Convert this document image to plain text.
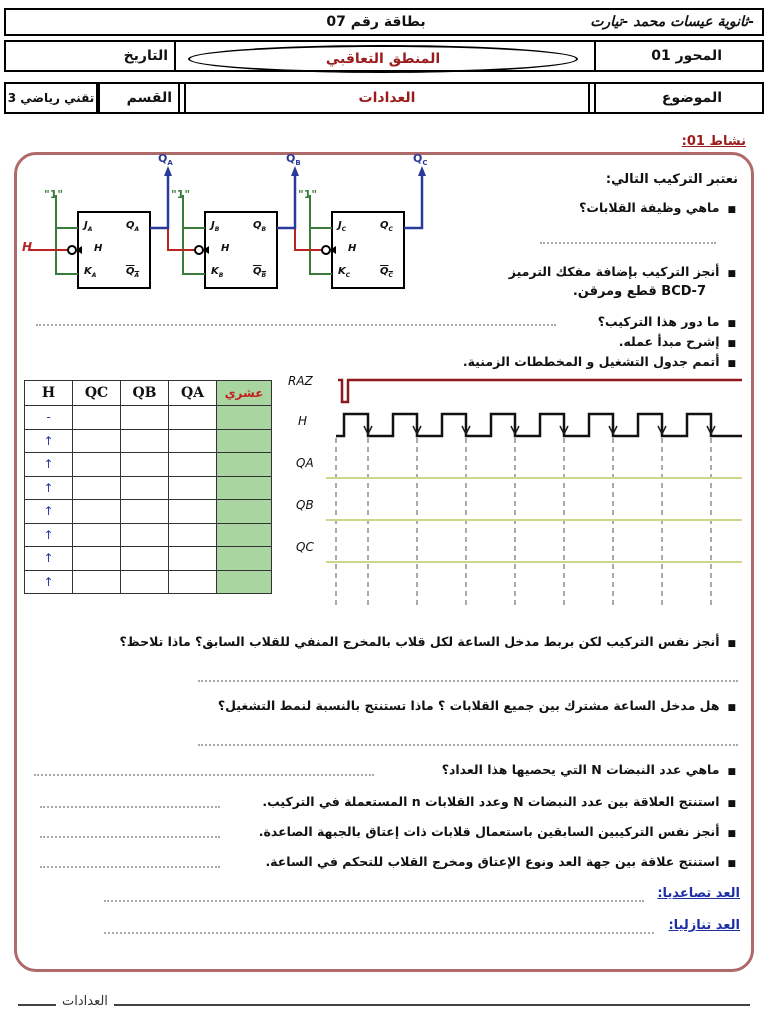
ثانوية عيسات محمد -تيارت-
بطاقة رقم 07
المحور 01
المنطق التعاقبي
التاريخ
الموضوع
العدادات
القسم
3 تقني رياضي
نشاط 01:
"1"	"1"	"1"
H
$Q_A$	$Q_B$	$Q_C$
$J_A$
$K_A$
$Q_A$
$Q_A$
H
$J_B$
$K_B$
$Q_B$
$Q_B$
H
$J_C$
$K_C$
$Q_C$
$Q_C$
H
نعتبر التركيب التالي:
■ ماهي وظيفة القلابات؟
■ أنجز التركيب بإضافة مفكك الترميز
7-BCD قطع ومرقن.
■ ما دور هذا التركيب؟
■ إشرح مبدأ عمله.
■ أتمم جدول التشغيل و المخططات الزمنية.
H	QC	QB	QA	عشري
-				
↑				
↑				
↑				
↑				
↑				
↑				
↑				
RAZ
H
QA
QB
QC
■ أنجز نفس التركيب لكن بربط مدخل الساعة لكل قلاب بالمخرج المنفي للقلاب السابق؟ ماذا تلاحظ؟
■ هل مدخل الساعة مشترك بين جميع القلابات ؟ ماذا تستنتج بالنسبة لنمط التشغيل؟
■ ماهي عدد النبضات N التي يحصيها هذا العداد؟
■ استنتج العلاقة بين عدد النبضات N وعدد القلابات n المستعملة في التركيب.
■ أنجز نفس التركيبين السابقين باستعمال قلابات ذات إعتاق بالجبهة الصاعدة.
■ استنتج علاقة بين جهة العد ونوع الإعتاق ومخرج القلاب للتحكم في الساعة.
العد تصاعديا:
العد تنازليا:
العدادات
